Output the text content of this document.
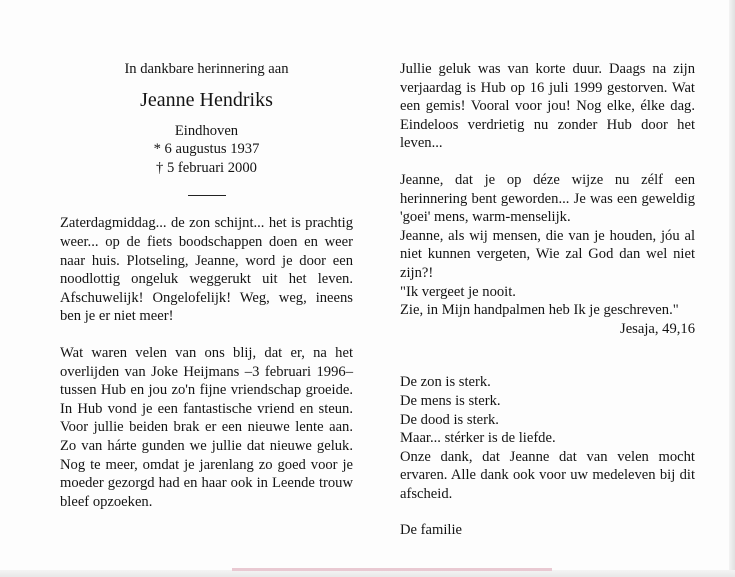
In dankbare herinnering aan
Jeanne Hendriks
Eindhoven
* 6 augustus 1937
† 5 februari 2000

Zaterdagmiddag... de zon schijnt... het is prachtig weer... op de fiets boodschappen doen en weer naar huis. Plotseling, Jeanne, word je door een noodlottig ongeluk weggerukt uit het leven. Afschuwelijk! Ongelofelijk! Weg, weg, ineens ben je er niet meer!

Wat waren velen van ons blij, dat er, na het overlijden van Joke Heijmans –3 februari 1996– tussen Hub en jou zo'n fijne vriendschap groeide. In Hub vond je een fantastische vriend en steun. Voor jullie beiden brak er een nieuwe lente aan. Zo van hárte gunden we jullie dat nieuwe geluk. Nog te meer, omdat je jarenlang zo goed voor je moeder gezorgd had en haar ook in Leende trouw bleef opzoeken.

Jullie geluk was van korte duur. Daags na zijn verjaardag is Hub op 16 juli 1999 gestorven. Wat een gemis! Vooral voor jou! Nog elke, élke dag. Eindeloos verdrietig nu zonder Hub door het leven...

Jeanne, dat je op déze wijze nu zélf een herinnering bent geworden... Je was een geweldig 'goei' mens, warm-menselijk.

Jeanne, als wij mensen, die van je houden, jóu al niet kunnen vergeten, Wie zal God dan wel niet zijn?!

"Ik vergeet je nooit.
Zie, in Mijn handpalmen heb Ik je geschreven."
Jesaja, 49,16
De zon is sterk.
De mens is sterk.
De dood is sterk.
Maar... stérker is de liefde.

Onze dank, dat Jeanne dat van velen mocht ervaren. Alle dank ook voor uw medeleven bij dit afscheid.

De familie
